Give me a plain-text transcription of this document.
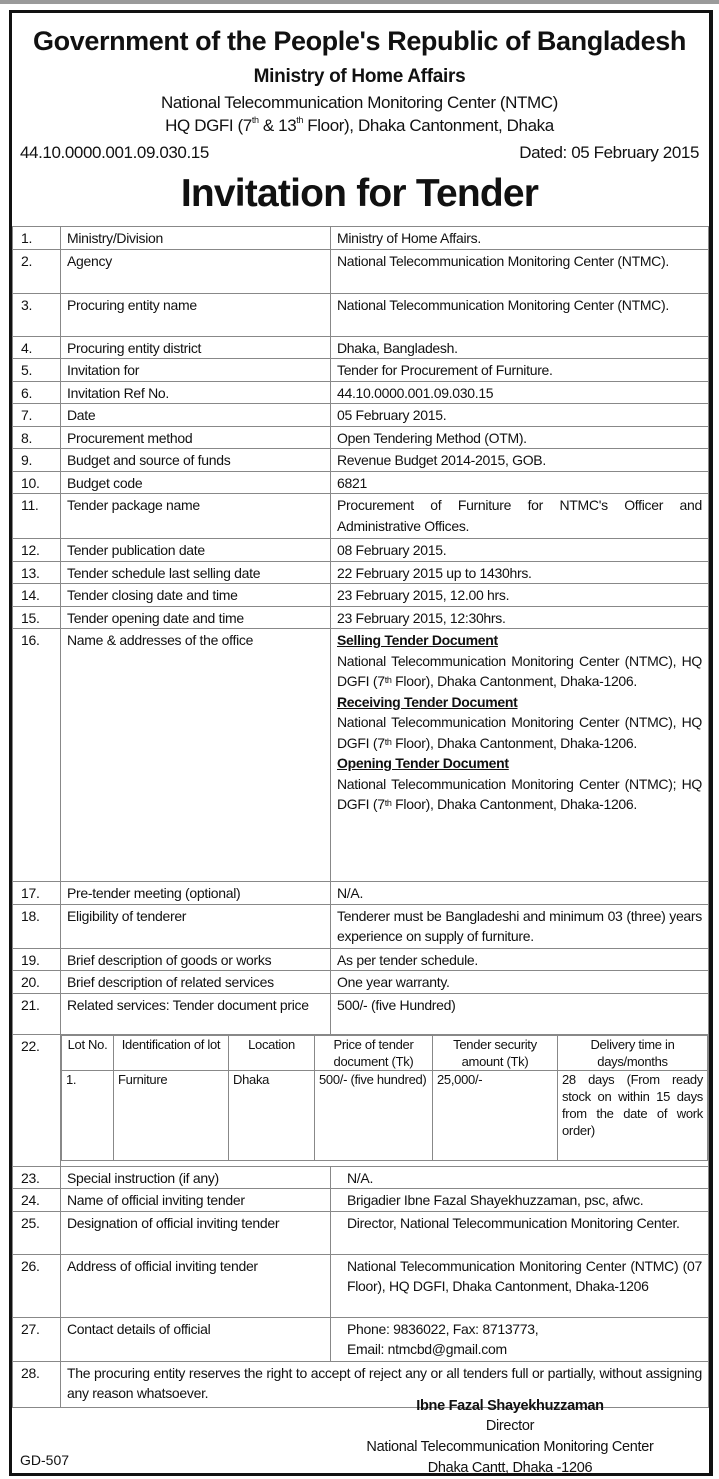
Government of the People's Republic of Bangladesh
Ministry of Home Affairs
National Telecommunication Monitoring Center (NTMC)
HQ DGFI (7th & 13th Floor), Dhaka Cantonment, Dhaka
44.10.0000.001.09.030.15	Dated: 05 February 2015
Invitation for Tender
1.	Ministry/Division	Ministry of Home Affairs.
2.	Agency	National Telecommunication Monitoring Center (NTMC).
3.	Procuring entity name	National Telecommunication Monitoring Center (NTMC).
4.	Procuring entity district	Dhaka, Bangladesh.
5.	Invitation for	Tender for Procurement of Furniture.
6.	Invitation Ref No.	44.10.0000.001.09.030.15
7.	Date	05 February 2015.
8.	Procurement method	Open Tendering Method (OTM).
9.	Budget and source of funds	Revenue Budget 2014-2015, GOB.
10.	Budget code	6821
11.	Tender package name	Procurement of Furniture for NTMC's Officer and Administrative Offices.
12.	Tender publication date	08 February 2015.
13.	Tender schedule last selling date	22 February 2015 up to 1430hrs.
14.	Tender closing date and time	23 February 2015, 12.00 hrs.
15.	Tender opening date and time	23 February 2015, 12:30hrs.
16.	Name & addresses of the office	Selling Tender Document
National Telecommunication Monitoring Center (NTMC), HQ DGFI (7th Floor), Dhaka Cantonment, Dhaka-1206.
Receiving Tender Document
National Telecommunication Monitoring Center (NTMC), HQ DGFI (7th Floor), Dhaka Cantonment, Dhaka-1206.
Opening Tender Document
National Telecommunication Monitoring Center (NTMC); HQ DGFI (7th Floor), Dhaka Cantonment, Dhaka-1206.

17.	Pre-tender meeting (optional)	N/A.
18.	Eligibility of tenderer	Tenderer must be Bangladeshi and minimum 03 (three) years experience on supply of furniture.
19.	Brief description of goods or works	As per tender schedule.
20.	Brief description of related services	One year warranty.
21.	Related services: Tender document price	500/- (five Hundred)
22.	Lot No.	Identification of lot	Location	Price of tender document (Tk)	Tender security amount (Tk)	Delivery time in days/months
1.	Furniture	Dhaka	500/- (five hundred)	25,000/-	28 days (From ready stock on within 15 days from the date of work order)

23.	Special instruction (if any)	N/A.
24.	Name of official inviting tender	Brigadier Ibne Fazal Shayekhuzzaman, psc, afwc.
25.	Designation of official inviting tender	Director, National Telecommunication Monitoring Center.
26.	Address of official inviting tender	National Telecommunication Monitoring Center (NTMC) (07 Floor), HQ DGFI, Dhaka Cantonment, Dhaka-1206
27.	Contact details of official	Phone: 9836022, Fax: 8713773,
Email: ntmcbd@gmail.com

28.	The procuring entity reserves the right to accept of reject any or all tenders full or partially, without assigning any reason whatsoever.
Ibne Fazal Shayekhuzzaman
Director
National Telecommunication Monitoring Center
Dhaka Cantt, Dhaka -1206
GD-507
